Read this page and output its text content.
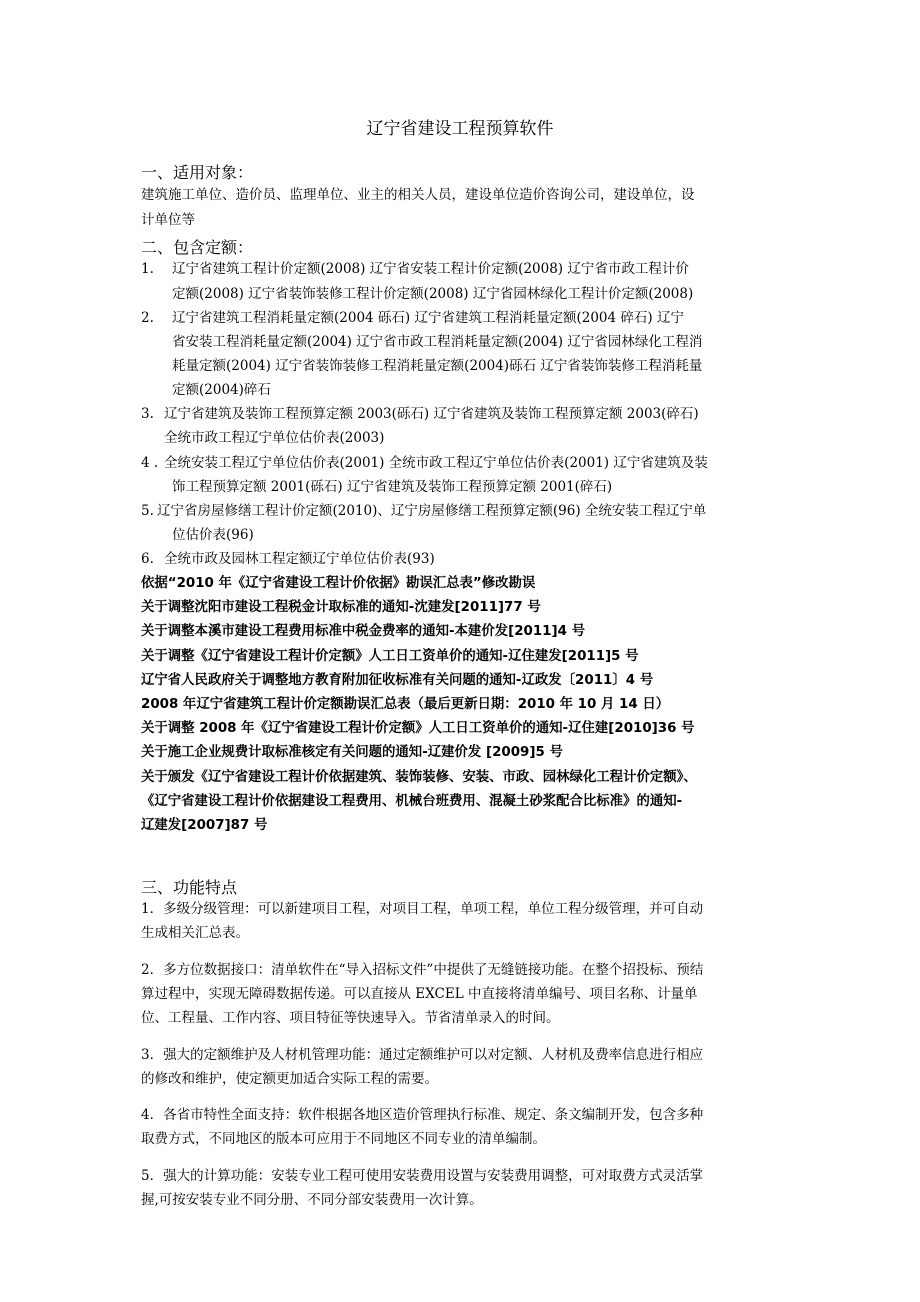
辽宁省建设工程预算软件
一、适用对象：
建筑施工单位、造价员、监理单位、业主的相关人员，建设单位造价咨询公司，建设单位，设
计单位等
二、包含定额：
1. 辽宁省建筑工程计价定额(2008) 辽宁省安装工程计价定额(2008) 辽宁省市政工程计价
定额(2008) 辽宁省装饰装修工程计价定额(2008) 辽宁省园林绿化工程计价定额(2008)
2. 辽宁省建筑工程消耗量定额(2004 砾石) 辽宁省建筑工程消耗量定额(2004 碎石) 辽宁
省安装工程消耗量定额(2004) 辽宁省市政工程消耗量定额(2004) 辽宁省园林绿化工程消
耗量定额(2004) 辽宁省装饰装修工程消耗量定额(2004)砾石 辽宁省装饰装修工程消耗量
定额(2004)碎石
3. 辽宁省建筑及装饰工程预算定额 2003(砾石) 辽宁省建筑及装饰工程预算定额 2003(碎石)
全统市政工程辽宁单位估价表(2003)
4 . 全统安装工程辽宁单位估价表(2001) 全统市政工程辽宁单位估价表(2001) 辽宁省建筑及装
饰工程预算定额 2001(砾石) 辽宁省建筑及装饰工程预算定额 2001(碎石)
5. 辽宁省房屋修缮工程计价定额(2010)、辽宁房屋修缮工程预算定额(96) 全统安装工程辽宁单
位估价表(96)
6. 全统市政及园林工程定额辽宁单位估价表(93)
依据“2010 年《辽宁省建设工程计价依据》勘误汇总表”修改勘误
关于调整沈阳市建设工程税金计取标准的通知-沈建发[2011]77 号
关于调整本溪市建设工程费用标准中税金费率的通知-本建价发[2011]4 号
关于调整《辽宁省建设工程计价定额》人工日工资单价的通知-辽住建发[2011]5 号
辽宁省人民政府关于调整地方教育附加征收标准有关问题的通知-辽政发〔2011〕4 号
2008 年辽宁省建筑工程计价定额勘误汇总表（最后更新日期：2010 年 10 月 14 日）
关于调整 2008 年《辽宁省建设工程计价定额》人工日工资单价的通知-辽住建[2010]36 号
关于施工企业规费计取标准核定有关问题的通知-辽建价发 [2009]5 号
关于颁发《辽宁省建设工程计价依据建筑、装饰装修、安装、市政、园林绿化工程计价定额》、
《辽宁省建设工程计价依据建设工程费用、机械台班费用、混凝土砂浆配合比标准》的通知-
辽建发[2007]87 号
三、功能特点
1．多级分级管理：可以新建项目工程，对项目工程，单项工程，单位工程分级管理，并可自动
生成相关汇总表。
2．多方位数据接口：清单软件在“导入招标文件”中提供了无缝链接功能。在整个招投标、预结
算过程中，实现无障碍数据传递。可以直接从 EXCEL 中直接将清单编号、项目名称、计量单
位、工程量、工作内容、项目特征等快速导入。节省清单录入的时间。
3．强大的定额维护及人材机管理功能：通过定额维护可以对定额、人材机及费率信息进行相应
的修改和维护，使定额更加适合实际工程的需要。
4．各省市特性全面支持：软件根据各地区造价管理执行标准、规定、条文编制开发，包含多种
取费方式，不同地区的版本可应用于不同地区不同专业的清单编制。
5．强大的计算功能：安装专业工程可使用安装费用设置与安装费用调整，可对取费方式灵活掌
握,可按安装专业不同分册、不同分部安装费用一次计算。
